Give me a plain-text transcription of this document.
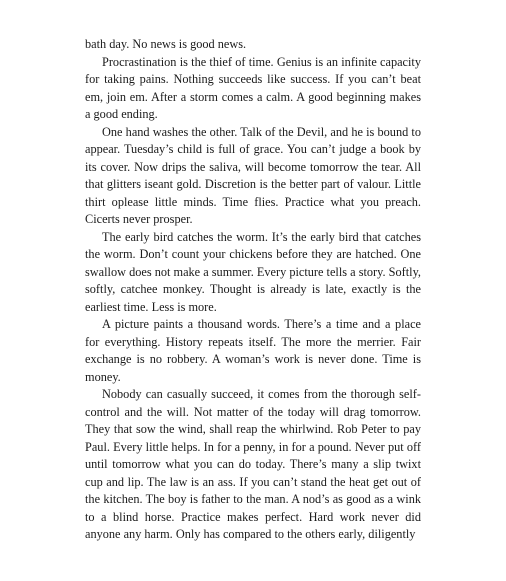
bath day. No news is good news.

Procrastination is the thief of time. Genius is an infinite capacity for taking pains. Nothing succeeds like success. If you can’t beat em, join em. After a storm comes a calm. A good beginning makes a good ending.

One hand washes the other. Talk of the Devil, and he is bound to appear. Tuesday’s child is full of grace. You can’t judge a book by its cover. Now drips the saliva, will become tomorrow the tear. All that glitters iseant gold. Discretion is the better part of valour. Little thirt oplease little minds. Time flies. Practice what you preach. Cicerts never prosper.

The early bird catches the worm. It’s the early bird that catches the worm. Don’t count your chickens before they are hatched. One swallow does not make a summer. Every picture tells a story. Softly, softly, catchee monkey. Thought is already is late, exactly is the earliest time. Less is more.

A picture paints a thousand words. There’s a time and a place for everything. History repeats itself. The more the merrier. Fair exchange is no robbery. A woman’s work is never done. Time is money.

Nobody can casually succeed, it comes from the thorough self-control and the will. Not matter of the today will drag tomorrow. They that sow the wind, shall reap the whirlwind. Rob Peter to pay Paul. Every little helps. In for a penny, in for a pound. Never put off until tomorrow what you can do today. There’s many a slip twixt cup and lip. The law is an ass. If you can’t stand the heat get out of the kitchen. The boy is father to the man. A nod’s as good as a wink to a blind horse. Practice makes perfect. Hard work never did anyone any harm. Only has compared to the others early, diligently
